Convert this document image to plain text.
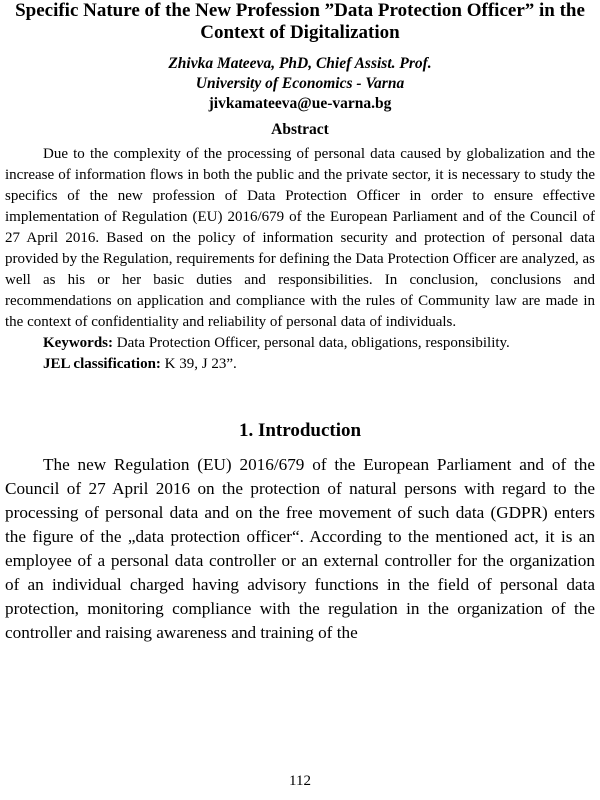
Specific Nature of the New Profession ”Data Protection Officer” in the Context of Digitalization
Zhivka Mateeva, PhD, Chief Assist. Prof.
University of Economics - Varna
jivkamateeva@ue-varna.bg
Abstract

Due to the complexity of the processing of personal data caused by globalization and the increase of information flows in both the public and the private sector, it is necessary to study the specifics of the new profession of Data Protection Officer in order to ensure effective implementation of Regulation (EU) 2016/679 of the European Parliament and of the Council of 27 April 2016. Based on the policy of information security and protection of personal data provided by the Regulation, requirements for defining the Data Protection Officer are analyzed, as well as his or her basic duties and responsibilities. In conclusion, conclusions and recommendations on application and compliance with the rules of Community law are made in the context of confidentiality and reliability of personal data of individuals.

Keywords: Data Protection Officer, personal data, obligations, responsibility.

JEL classification: K 39, J 23”.

1. Introduction

The new Regulation (EU) 2016/679 of the European Parliament and of the Council of 27 April 2016 on the protection of natural persons with regard to the processing of personal data and on the free movement of such data (GDPR) enters the figure of the „data protection officer“. According to the mentioned act, it is an employee of a personal data controller or an external controller for the organization of an individual charged having advisory functions in the field of personal data protection, monitoring compliance with the regulation in the organization of the controller and raising awareness and training of the

112
